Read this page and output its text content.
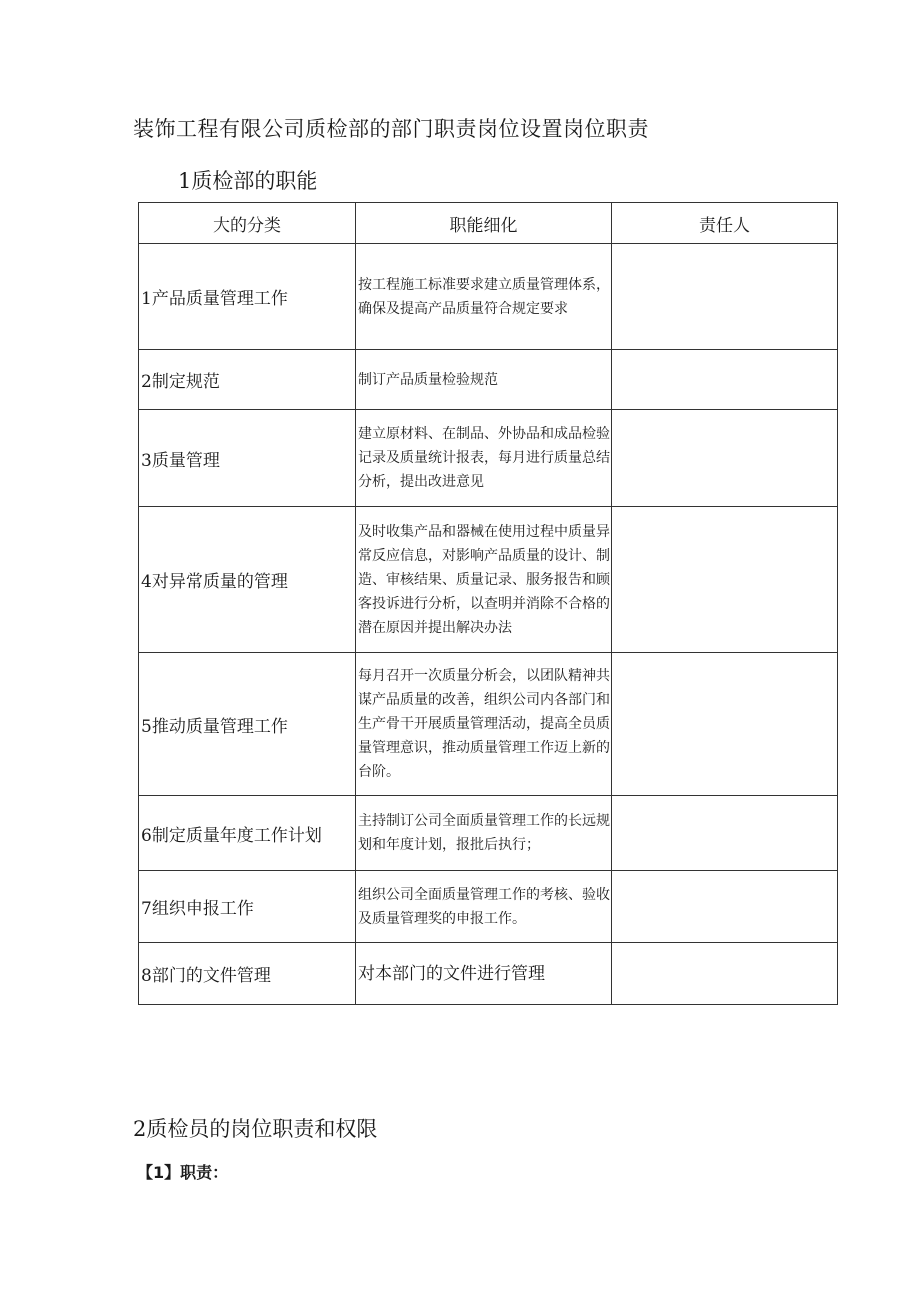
装饰工程有限公司质检部的部门职责岗位设置岗位职责
1质检部的职能
大的分类	职能细化	责任人
1产品质量管理工作	按工程施工标准要求建立质量管理体系，确保及提高产品质量符合规定要求	
2制定规范	制订产品质量检验规范	
3质量管理	建立原材料、在制品、外协品和成品检验记录及质量统计报表，每月进行质量总结分析，提出改进意见	
4对异常质量的管理	及时收集产品和器械在使用过程中质量异常反应信息，对影响产品质量的设计、制造、审核结果、质量记录、服务报告和顾客投诉进行分析，以查明并消除不合格的潜在原因并提出解决办法	
5推动质量管理工作	每月召开一次质量分析会，以团队精神共谋产品质量的改善，组织公司内各部门和生产骨干开展质量管理活动，提高全员质量管理意识，推动质量管理工作迈上新的台阶。	
6制定质量年度工作计划	主持制订公司全面质量管理工作的长远规划和年度计划，报批后执行；	
7组织申报工作	组织公司全面质量管理工作的考核、验收及质量管理奖的申报工作。	
8部门的文件管理	对本部门的文件进行管理	
2质检员的岗位职责和权限
【1】职责：
